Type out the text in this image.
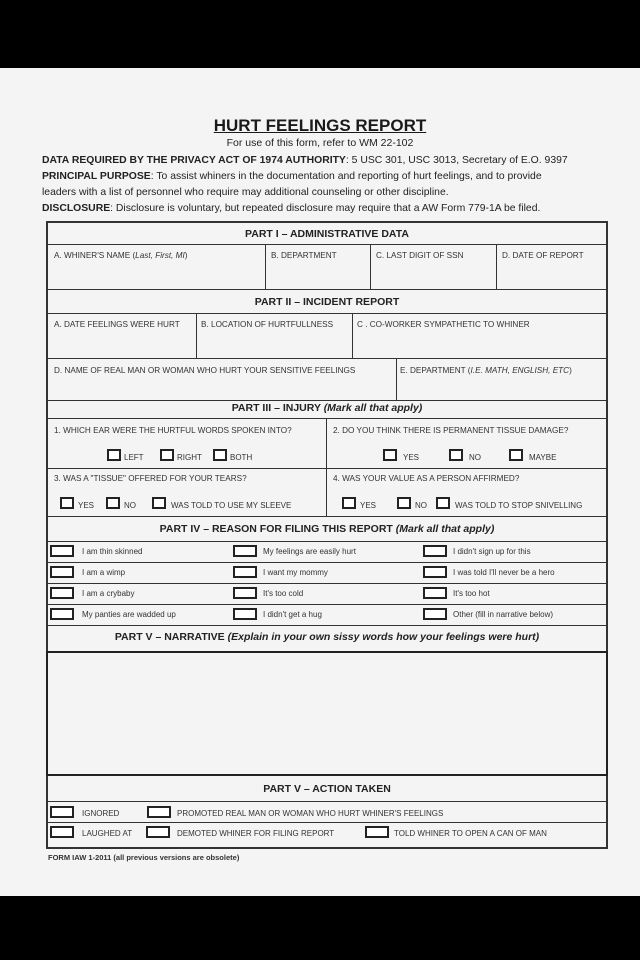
HURT FEELINGS REPORT
For use of this form, refer to WM 22-102
DATA REQUIRED BY THE PRIVACY ACT OF 1974 AUTHORITY: 5 USC 301, USC 3013, Secretary of E.O. 9397
PRINCIPAL PURPOSE: To assist whiners in the documentation and reporting of hurt feelings, and to provide
leaders with a list of personnel who require may additional counseling or other discipline.
DISCLOSURE: Disclosure is voluntary, but repeated disclosure may require that a AW Form 779-1A be filed.
PART I – ADMINISTRATIVE DATA
A. WHINER'S NAME (Last, First, MI)	B. DEPARTMENT	C. LAST DIGIT OF SSN	D. DATE OF REPORT
PART II – INCIDENT REPORT
A. DATE FEELINGS WERE HURT	B. LOCATION OF HURTFULLNESS	C . CO-WORKER SYMPATHETIC TO WHINER
D. NAME OF REAL MAN OR WOMAN WHO HURT YOUR SENSITIVE FEELINGS	E. DEPARTMENT (I.E. MATH, ENGLISH, ETC)
PART III – INJURY (Mark all that apply)
1. WHICH EAR WERE THE HURTFUL WORDS SPOKEN INTO?
LEFT	RIGHT	BOTH
2. DO YOU THINK THERE IS PERMANENT TISSUE DAMAGE?
YES	NO	MAYBE
3. WAS A "TISSUE" OFFERED FOR YOUR TEARS?
YES	NO	WAS TOLD TO USE MY SLEEVE
4. WAS YOUR VALUE AS A PERSON AFFIRMED?
YES	NO	WAS TOLD TO STOP SNIVELLING
PART IV – REASON FOR FILING THIS REPORT (Mark all that apply)
I am thin skinned	My feelings are easily hurt	I didn't sign up for this
I am a wimp	I want my mommy	I was told I'll never be a hero
I am a crybaby	It's too cold	It's too hot
My panties are wadded up	I didn't get a hug	Other (fill in narrative below)
PART V – NARRATIVE (Explain in your own sissy words how your feelings were hurt)
PART V – ACTION TAKEN
IGNORED	PROMOTED REAL MAN OR WOMAN WHO HURT WHINER'S FEELINGS
LAUGHED AT	DEMOTED WHINER FOR FILING REPORT	TOLD WHINER TO OPEN A CAN OF MAN
FORM IAW 1-2011 (all previous versions are obsolete)
